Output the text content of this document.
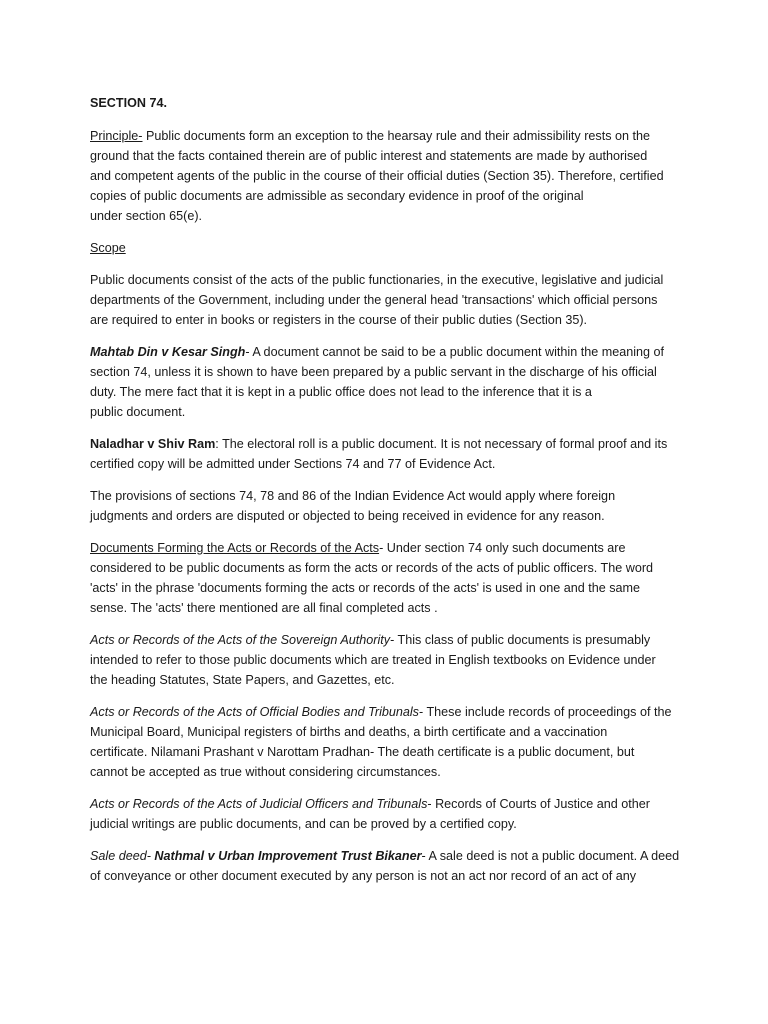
SECTION 74.
Principle- Public documents form an exception to the hearsay rule and their admissibility rests on the
ground that the facts contained therein are of public interest and statements are made by authorised
and competent agents of the public in the course of their official duties (Section 35). Therefore, certified
copies of public documents are admissible as secondary evidence in proof of the original
under section 65(e).
Scope
Public documents consist of the acts of the public functionaries, in the executive, legislative and judicial
departments of the Government, including under the general head 'transactions' which official persons
are required to enter in books or registers in the course of their public duties (Section 35).
Mahtab Din v Kesar Singh- A document cannot be said to be a public document within the meaning of
section 74, unless it is shown to have been prepared by a public servant in the discharge of his official
duty. The mere fact that it is kept in a public office does not lead to the inference that it is a
public document.
Naladhar v Shiv Ram: The electoral roll is a public document. It is not necessary of formal proof and its
certified copy will be admitted under Sections 74 and 77 of Evidence Act.
The provisions of sections 74, 78 and 86 of the Indian Evidence Act would apply where foreign
judgments and orders are disputed or objected to being received in evidence for any reason.
Documents Forming the Acts or Records of the Acts- Under section 74 only such documents are
considered to be public documents as form the acts or records of the acts of public officers. The word
'acts' in the phrase 'documents forming the acts or records of the acts' is used in one and the same
sense. The 'acts' there mentioned are all final completed acts .
Acts or Records of the Acts of the Sovereign Authority- This class of public documents is presumably
intended to refer to those public documents which are treated in English textbooks on Evidence under
the heading Statutes, State Papers, and Gazettes, etc.
Acts or Records of the Acts of Official Bodies and Tribunals- These include records of proceedings of the
Municipal Board, Municipal registers of births and deaths, a birth certificate and a vaccination
certificate. Nilamani Prashant v Narottam Pradhan- The death certificate is a public document, but
cannot be accepted as true without considering circumstances.
Acts or Records of the Acts of Judicial Officers and Tribunals- Records of Courts of Justice and other
judicial writings are public documents, and can be proved by a certified copy.
Sale deed- Nathmal v Urban Improvement Trust Bikaner- A sale deed is not a public document. A deed
of conveyance or other document executed by any person is not an act nor record of an act of any
